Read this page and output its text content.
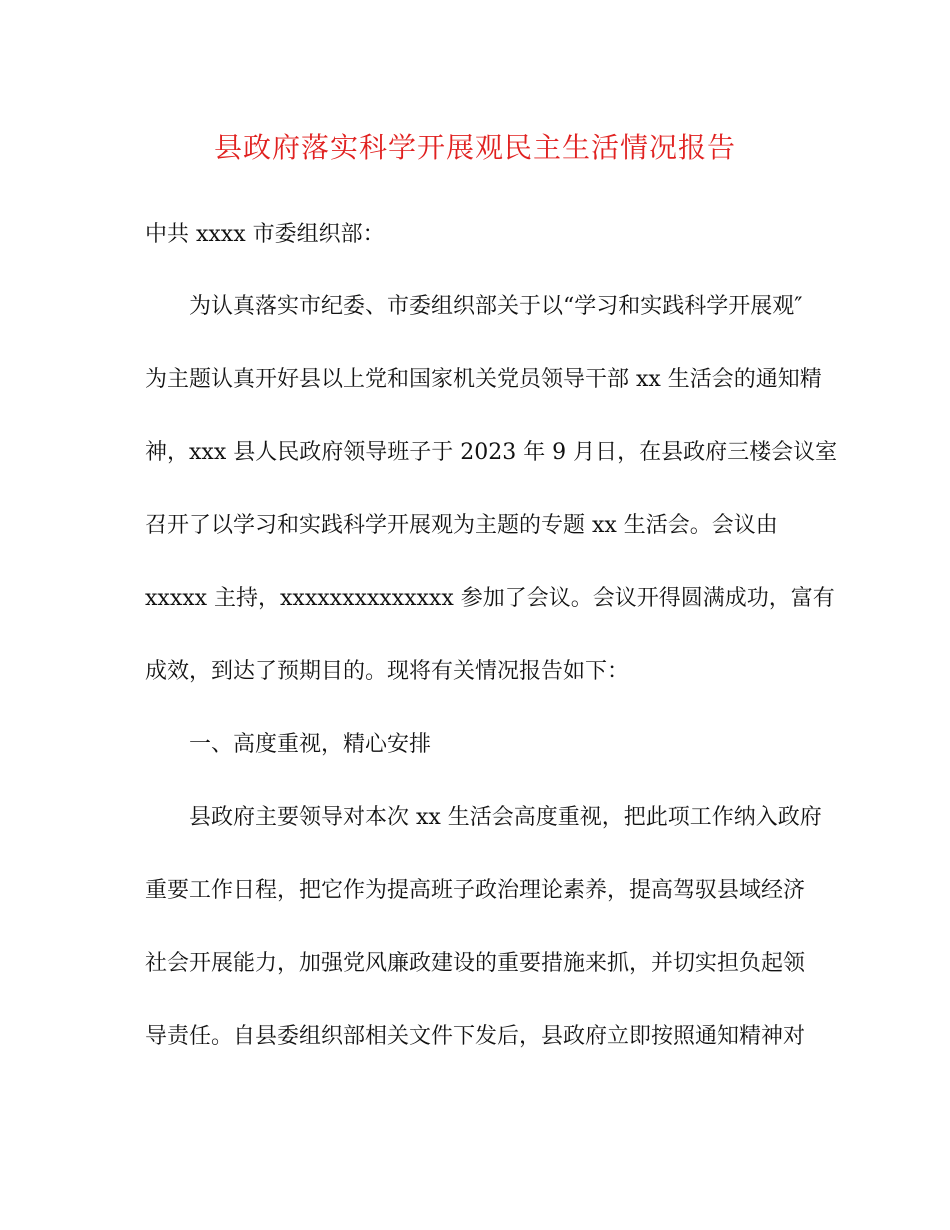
县政府落实科学开展观民主生活情况报告
中共 xxxx 市委组织部：
为认真落实市纪委、市委组织部关于以“学习和实践科学开展观″
为主题认真开好县以上党和国家机关党员领导干部 xx 生活会的通知精
神，xxx 县人民政府领导班子于 2023 年 9 月日，在县政府三楼会议室
召开了以学习和实践科学开展观为主题的专题 xx 生活会。会议由
xxxxx 主持，xxxxxxxxxxxxxx 参加了会议。会议开得圆满成功，富有
成效，到达了预期目的。现将有关情况报告如下：
一、高度重视，精心安排
县政府主要领导对本次 xx 生活会高度重视，把此项工作纳入政府
重要工作日程，把它作为提高班子政治理论素养，提高驾驭县域经济
社会开展能力，加强党风廉政建设的重要措施来抓，并切实担负起领
导责任。自县委组织部相关文件下发后，县政府立即按照通知精神对
